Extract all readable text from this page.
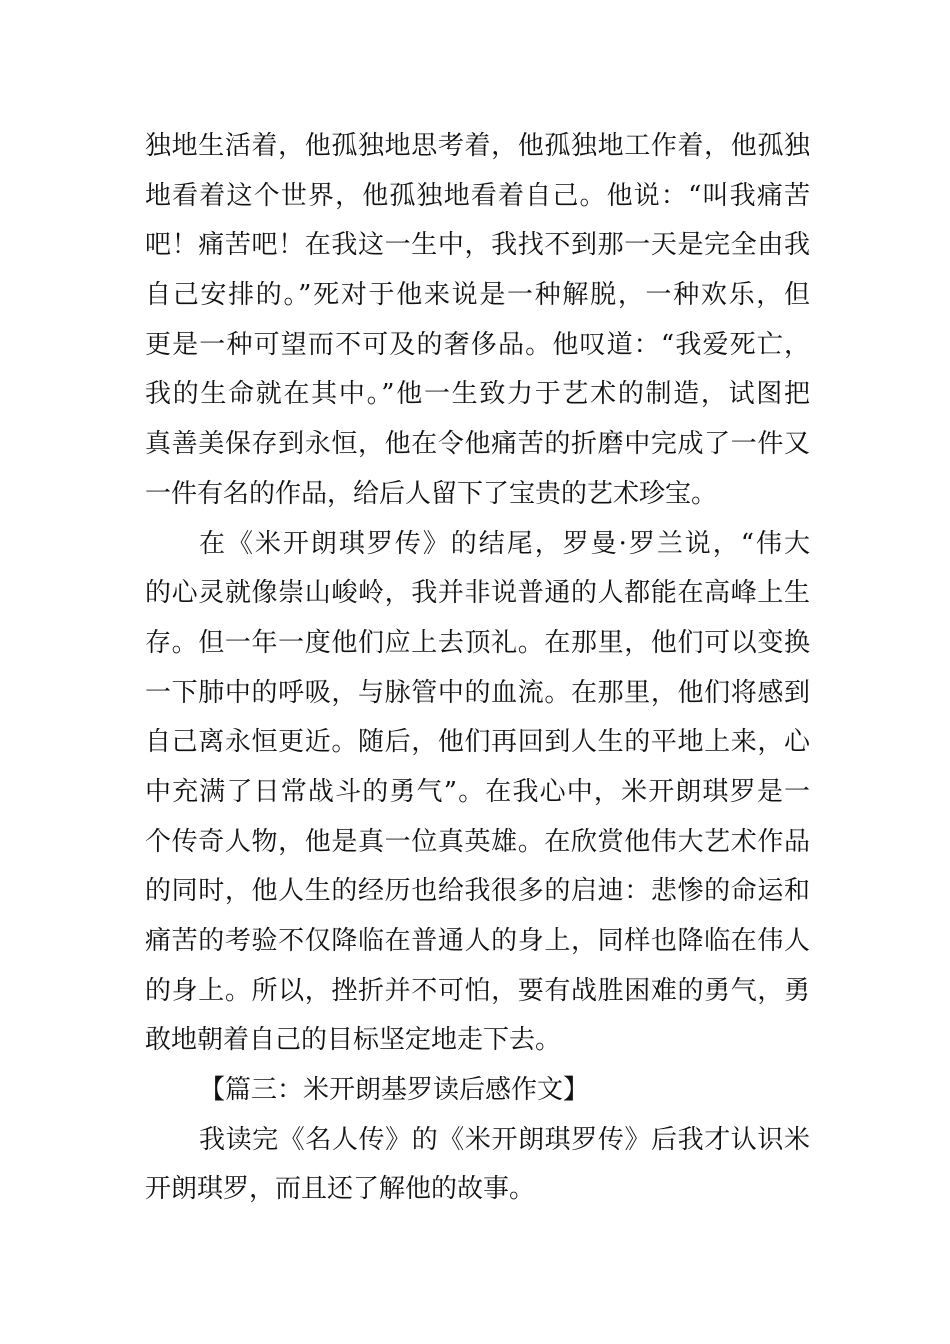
独地生活着，他孤独地思考着，他孤独地工作着，他孤独
地看着这个世界，他孤独地看着自己。他说：“叫我痛苦
吧！痛苦吧！在我这一生中，我找不到那一天是完全由我
自己安排的。”死对于他来说是一种解脱，一种欢乐，但
更是一种可望而不可及的奢侈品。他叹道：“我爱死亡，
我的生命就在其中。”他一生致力于艺术的制造，试图把
真善美保存到永恒，他在令他痛苦的折磨中完成了一件又
一件有名的作品，给后人留下了宝贵的艺术珍宝。
在《米开朗琪罗传》的结尾，罗曼·罗兰说，“伟大
的心灵就像崇山峻岭，我并非说普通的人都能在高峰上生
存。但一年一度他们应上去顶礼。在那里，他们可以变换
一下肺中的呼吸，与脉管中的血流。在那里，他们将感到
自己离永恒更近。随后，他们再回到人生的平地上来，心
中充满了日常战斗的勇气”。在我心中，米开朗琪罗是一
个传奇人物，他是真一位真英雄。在欣赏他伟大艺术作品
的同时，他人生的经历也给我很多的启迪：悲惨的命运和
痛苦的考验不仅降临在普通人的身上，同样也降临在伟人
的身上。所以，挫折并不可怕，要有战胜困难的勇气，勇
敢地朝着自己的目标坚定地走下去。
【篇三：米开朗基罗读后感作文】
我读完《名人传》的《米开朗琪罗传》后我才认识米
开朗琪罗，而且还了解他的故事。
